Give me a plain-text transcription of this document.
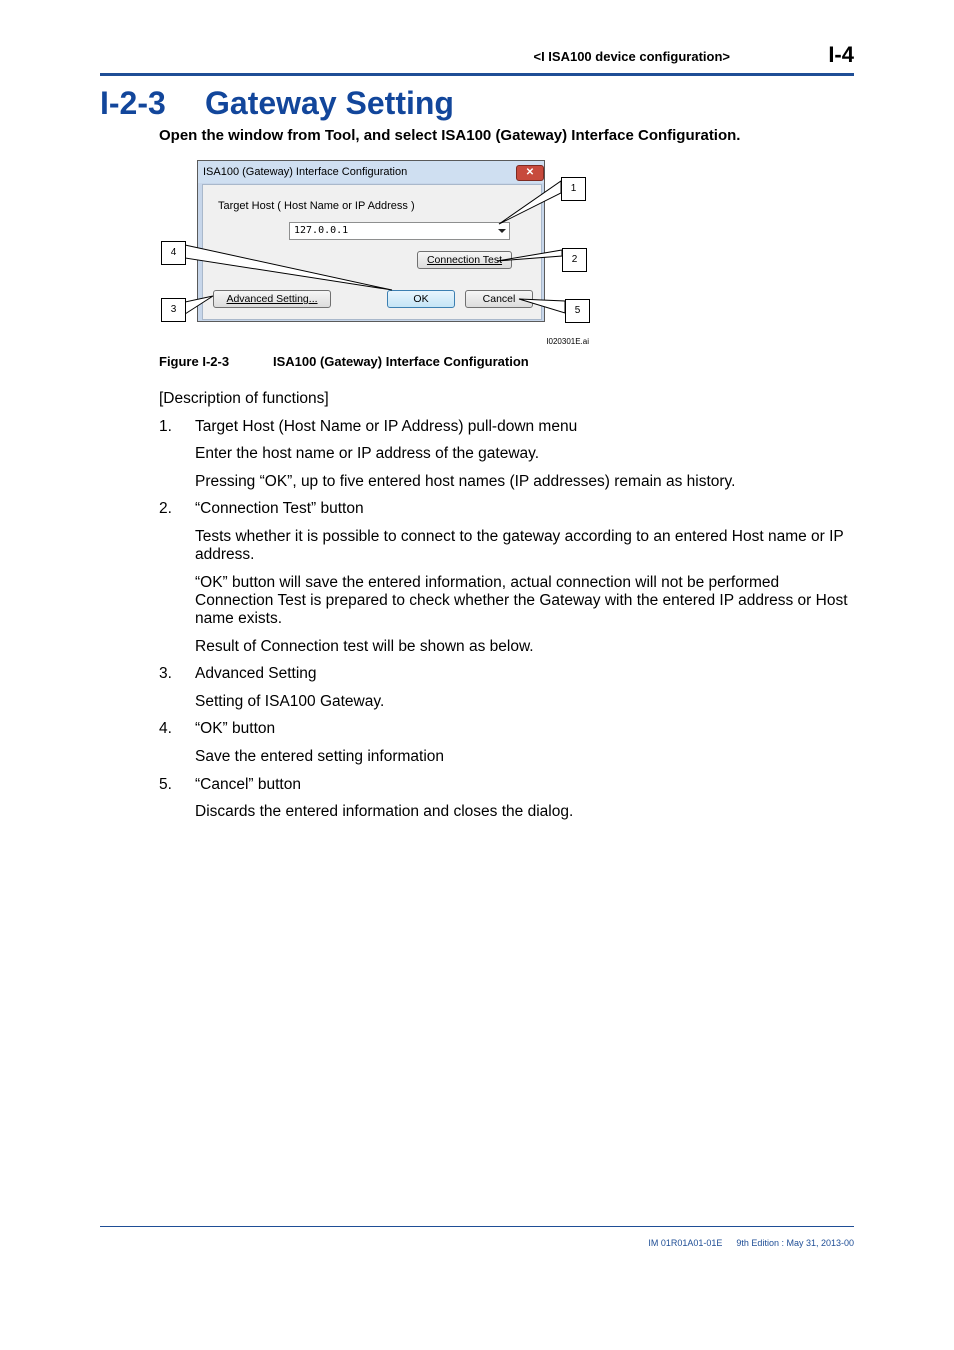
<I ISA100 device configuration>	I-4
I-2-3 Gateway Setting
Open the window from Tool, and select ISA100 (Gateway) Interface Configuration.
ISA100 (Gateway) Interface Configuration	✕
Target Host ( Host Name or IP Address )
127.0.0.1
Connection Test
Advanced Setting...	OK	Cancel
1
2
3
4
5
I020301E.ai
Figure I-2-3	ISA100 (Gateway) Interface Configuration
[Description of functions]
1. Target Host (Host Name or IP Address) pull-down menu
Enter the host name or IP address of the gateway.
Pressing “OK”, up to five entered host names (IP addresses) remain as history.
2. “Connection Test” button
Tests whether it is possible to connect to the gateway according to an entered Host name or IP address.
“OK” button will save the entered information, actual connection will not be performed Connection Test is prepared to check whether the Gateway with the entered IP address or Host name exists.
Result of Connection test will be shown as below.
3. Advanced Setting
Setting of ISA100 Gateway.
4. “OK” button
Save the entered setting information
5. “Cancel” button
Discards the entered information and closes the dialog.
IM 01R01A01-01E 9th Edition : May 31, 2013-00
